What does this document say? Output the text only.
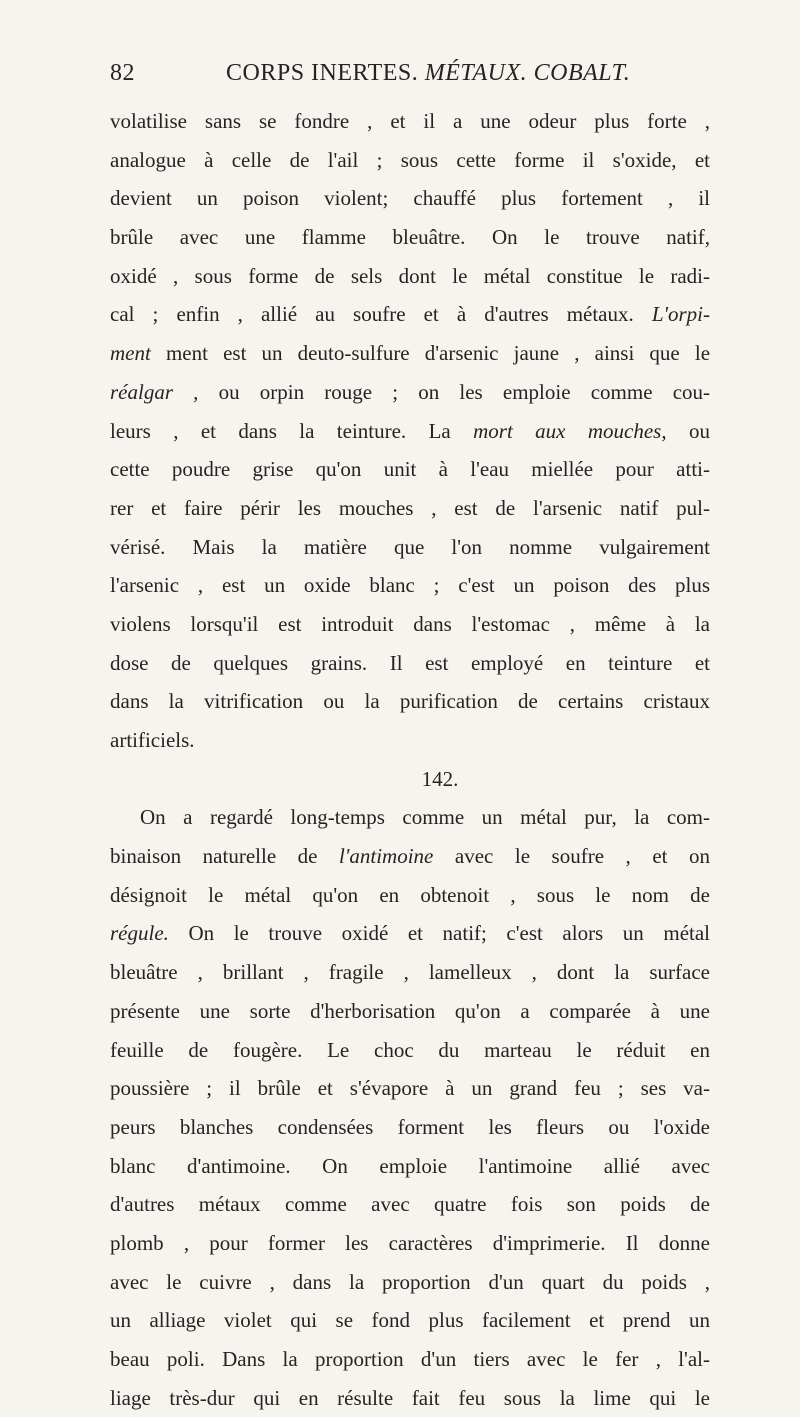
82	CORPS INERTES. MÉTAUX. COBALT.
volatilise sans se fondre , et il a une odeur plus forte ,
analogue à celle de l'ail ; sous cette forme il s'oxide, et
devient un poison violent; chauffé plus fortement , il
brûle avec une flamme bleuâtre. On le trouve natif,
oxidé , sous forme de sels dont le métal constitue le radi-
cal ; enfin , allié au soufre et à d'autres métaux. L'orpi-
ment ment est un deuto-sulfure d'arsenic jaune , ainsi que le
réalgar , ou orpin rouge ; on les emploie comme cou-
leurs , et dans la teinture. La mort aux mouches, ou
cette poudre grise qu'on unit à l'eau miellée pour atti-
rer et faire périr les mouches , est de l'arsenic natif pul-
vérisé. Mais la matière que l'on nomme vulgairement
l'arsenic , est un oxide blanc ; c'est un poison des plus
violens lorsqu'il est introduit dans l'estomac , même à la
dose de quelques grains. Il est employé en teinture et
dans la vitrification ou la purification de certains cristaux
artificiels.
142.
On a regardé long-temps comme un métal pur, la com-
binaison naturelle de l'antimoine avec le soufre , et on
désignoit le métal qu'on en obtenoit , sous le nom de
régule. On le trouve oxidé et natif; c'est alors un métal
bleuâtre , brillant , fragile , lamelleux , dont la surface
présente une sorte d'herborisation qu'on a comparée à une
feuille de fougère. Le choc du marteau le réduit en
poussière ; il brûle et s'évapore à un grand feu ; ses va-
peurs blanches condensées forment les fleurs ou l'oxide
blanc d'antimoine. On emploie l'antimoine allié avec
d'autres métaux comme avec quatre fois son poids de
plomb , pour former les caractères d'imprimerie. Il donne
avec le cuivre , dans la proportion d'un quart du poids ,
un alliage violet qui se fond plus facilement et prend un
beau poli. Dans la proportion d'un tiers avec le fer , l'al-
liage très-dur qui en résulte fait feu sous la lime qui le
